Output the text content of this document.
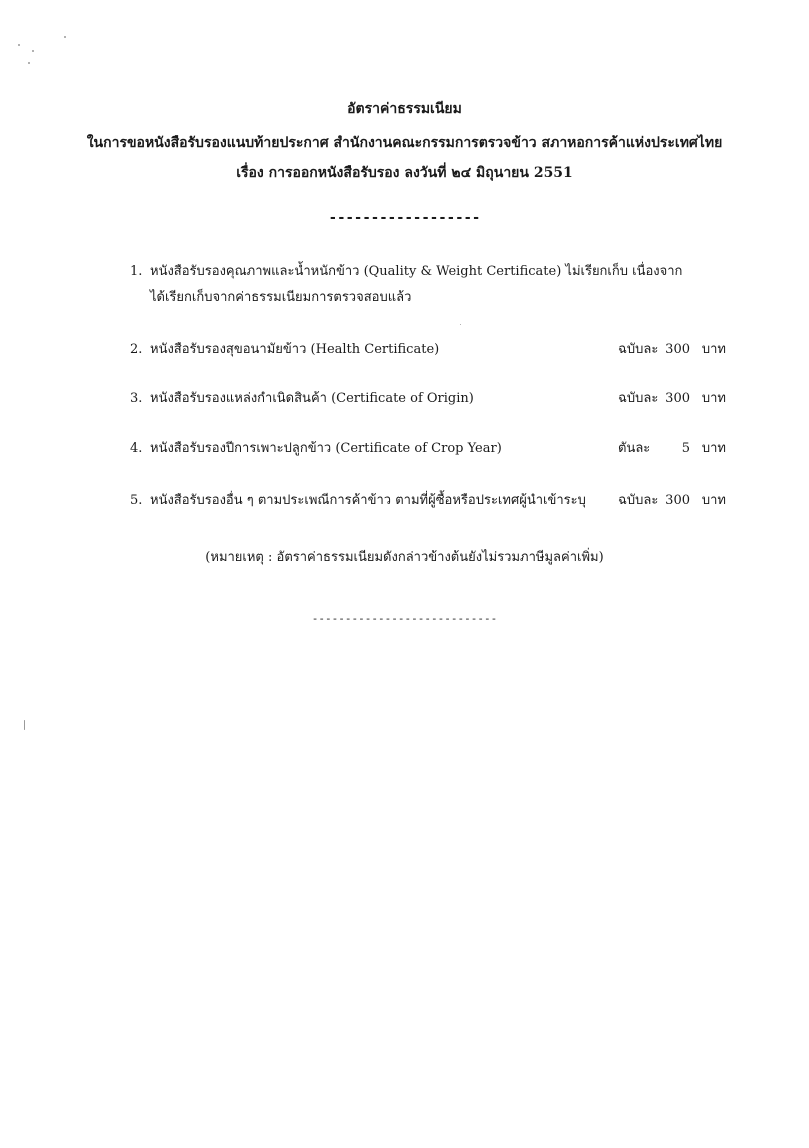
อัตราค่าธรรมเนียม
ในการขอหนังสือรับรองแนบท้ายประกาศ สำนักงานคณะกรรมการตรวจข้าว สภาหอการค้าแห่งประเทศไทย
เรื่อง การออกหนังสือรับรอง ลงวันที่ ๒๔ มิถุนายน 2551
------------------
1. หนังสือรับรองคุณภาพและน้ำหนักข้าว (Quality & Weight Certificate) ไม่เรียกเก็บ เนื่องจาก
ได้เรียกเก็บจากค่าธรรมเนียมการตรวจสอบแล้ว
2. หนังสือรับรองสุขอนามัยข้าว (Health Certificate)	ฉบับละ 300 บาท
3. หนังสือรับรองแหล่งกำเนิดสินค้า (Certificate of Origin)	ฉบับละ 300 บาท
4. หนังสือรับรองปีการเพาะปลูกข้าว (Certificate of Crop Year)	ตันละ 5 บาท
5. หนังสือรับรองอื่น ๆ ตามประเพณีการค้าข้าว ตามที่ผู้ซื้อหรือประเทศผู้นำเข้าระบุ ฉบับละ 300 บาท
(หมายเหตุ : อัตราค่าธรรมเนียมดังกล่าวข้างต้นยังไม่รวมภาษีมูลค่าเพิ่ม)
----------------------------
